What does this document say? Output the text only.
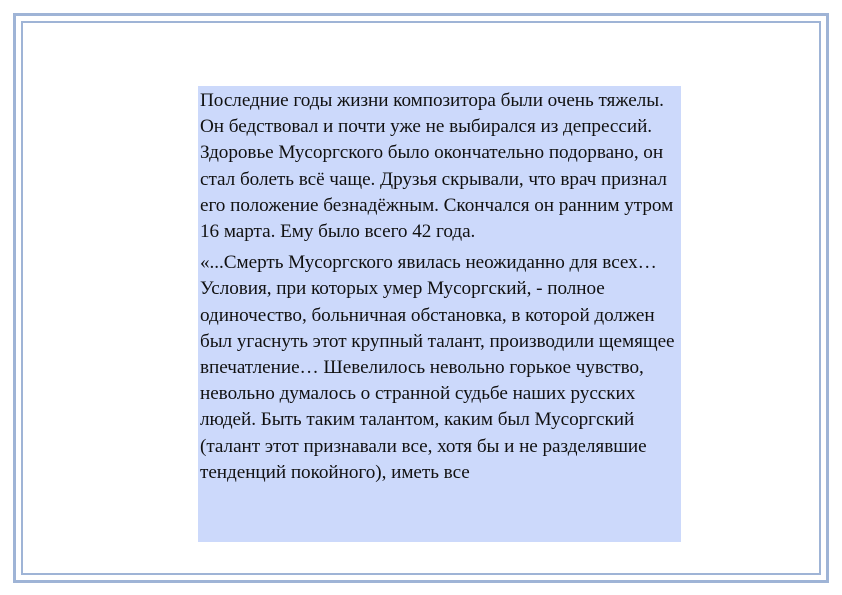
Последние годы жизни композитора были очень тяжелы. Он бедствовал и почти уже не выбирался из депрессий. Здоровье Мусоргского было окончательно подорвано, он стал болеть всё чаще. Друзья скрывали, что врач признал его положение безнадёжным. Скончался он ранним утром 16 марта. Ему было всего 42 года.

«...Смерть Мусоргского явилась неожиданно для всех… Условия, при которых умер Мусоргский, - полное одиночество, больничная обстановка, в которой должен был угаснуть этот крупный талант, производили щемящее впечатление… Шевелилось невольно горькое чувство, невольно думалось о странной судьбе наших русских людей. Быть таким талантом, каким был Мусоргский (талант этот признавали все, хотя бы и не разделявшие тенденций покойного), иметь все
